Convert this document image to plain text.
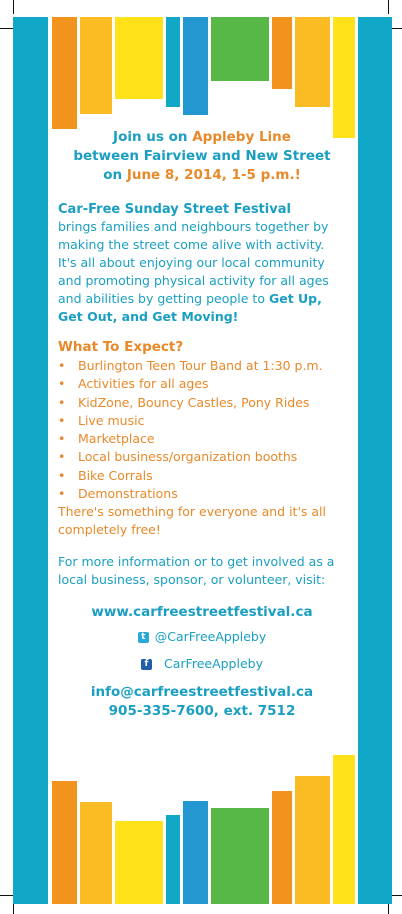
Join us on Appleby Line
between Fairview and New Street
on June 8, 2014, 1-5 p.m.!
Car-Free Sunday Street Festival
brings families and neighbours together by making the street come alive with activity. It's all about enjoying our local community and promoting physical activity for all ages and abilities by getting people to Get Up, Get Out, and Get Moving!
What To Expect?
• Burlington Teen Tour Band at 1:30 p.m.
• Activities for all ages
• KidZone, Bouncy Castles, Pony Rides
• Live music
• Marketplace
• Local business/organization booths
• Bike Corrals
• Demonstrations
There's something for everyone and it's all completely free!
For more information or to get involved as a local business, sponsor, or volunteer, visit:
www.carfreestreetfestival.ca
t @CarFreeAppleby
f CarFreeAppleby
info@carfreestreetfestival.ca
905-335-7600, ext. 7512
